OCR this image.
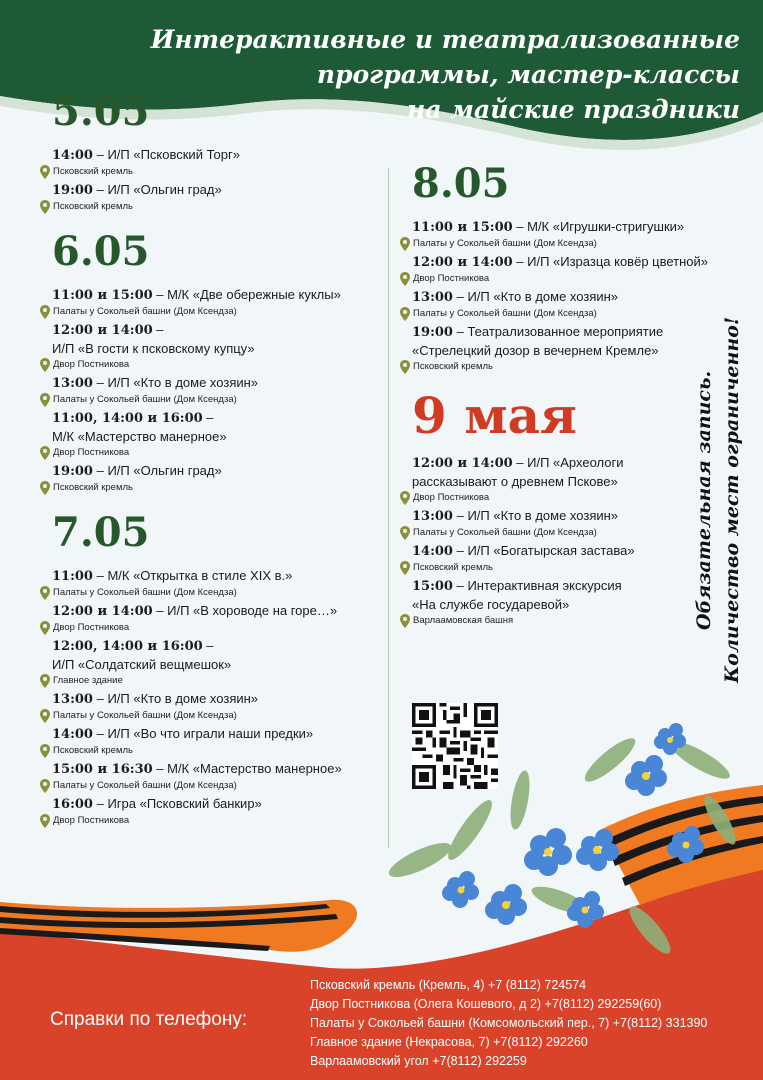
Интерактивные и театрализованные
программы, мастер-классы
на майские праздники
5.05
14:00 – И/П «Псковский Торг»
Псковский кремль
19:00 – И/П «Ольгин град»
Псковский кремль
6.05
11:00 и 15:00 – М/К «Две обережные куклы»
Палаты у Сокольей башни (Дом Ксендза)
12:00 и 14:00 –
И/П «В гости к псковскому купцу»
Двор Постникова
13:00 – И/П «Кто в доме хозяин»
Палаты у Сокольей башни (Дом Ксендза)
11:00, 14:00 и 16:00 –
М/К «Мастерство манерное»
Двор Постникова
19:00 – И/П «Ольгин град»
Псковский кремль
7.05
11:00 – М/К «Открытка в стиле XIX в.»
Палаты у Сокольей башни (Дом Ксендза)
12:00 и 14:00 – И/П «В хороводе на горе…»
Двор Постникова
12:00, 14:00 и 16:00 –
И/П «Солдатский вещмешок»
Главное здание
13:00 – И/П «Кто в доме хозяин»
Палаты у Сокольей башни (Дом Ксендза)
14:00 – И/П «Во что играли наши предки»
Псковский кремль
15:00 и 16:30 – М/К «Мастерство манерное»
Палаты у Сокольей башни (Дом Ксендза)
16:00 – Игра «Псковский банкир»
Двор Постникова
8.05
11:00 и 15:00 – М/К «Игрушки-стригушки»
Палаты у Сокольей башни (Дом Ксендза)
12:00 и 14:00 – И/П «Изразца ковёр цветной»
Двор Постникова
13:00 – И/П «Кто в доме хозяин»
Палаты у Сокольей башни (Дом Ксендза)
19:00 – Театрализованное мероприятие
«Стрелецкий дозор в вечернем Кремле»
Псковский кремль
9 мая
12:00 и 14:00 – И/П «Археологи
рассказывают о древнем Пскове»
Двор Постникова
13:00 – И/П «Кто в доме хозяин»
Палаты у Сокольей башни (Дом Ксендза)
14:00 – И/П «Богатырская застава»
Псковский кремль
15:00 – Интерактивная экскурсия
«На службе государевой»
Варлаамовская башня	Обязательная запись. Количество мест ограниченно!
Справки по телефону:
Псковский кремль (Кремль, 4) +7 (8112) 724574
Двор Постникова (Олега Кошевого, д 2) +7(8112) 292259(60)
Палаты у Сокольей башни (Комсомольский пер., 7) +7(8112) 331390
Главное здание (Некрасова, 7) +7(8112) 292260
Варлаамовский угол +7(8112) 292259
